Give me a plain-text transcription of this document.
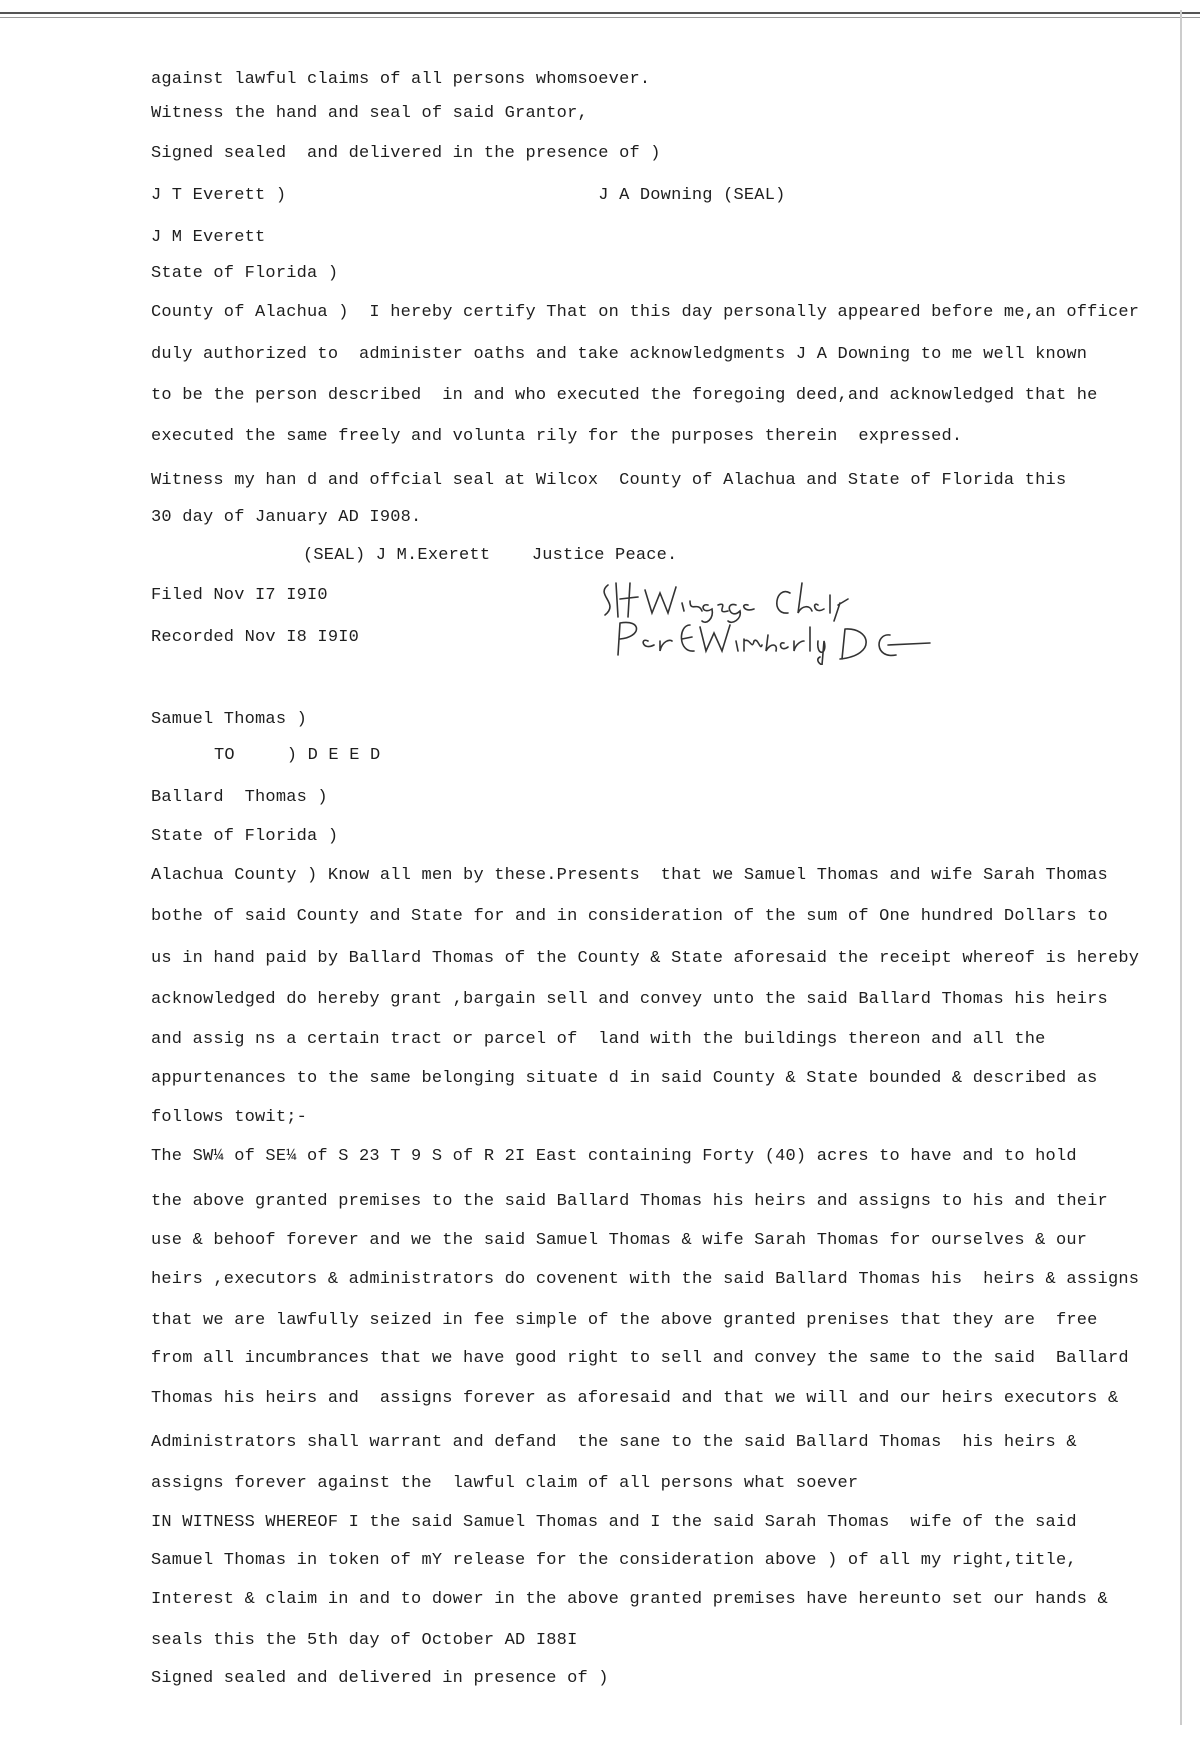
against lawful claims of all persons whomsoever.
Witness the hand and seal of said Grantor,
Signed sealed  and delivered in the presence of )
J T Everett )                              J A Downing (SEAL)
J M Everett
State of Florida )
County of Alachua )  I hereby certify That on this day personally appeared before me,an officer
duly authorized to  administer oaths and take acknowledgments J A Downing to me well known
to be the person described  in and who executed the foregoing deed,and acknowledged that he
executed the same freely and volunta rily for the purposes therein  expressed.
Witness my han d and offcial seal at Wilcox  County of Alachua and State of Florida this
30 day of January AD I908.
(SEAL) J M.Exerett    Justice Peace.
Filed Nov I7 I9I0
Recorded Nov I8 I9I0
Samuel Thomas )
TO     ) D E E D
Ballard  Thomas )
State of Florida )
Alachua County ) Know all men by these.Presents  that we Samuel Thomas and wife Sarah Thomas
bothe of said County and State for and in consideration of the sum of One hundred Dollars to
us in hand paid by Ballard Thomas of the County & State aforesaid the receipt whereof is hereby
acknowledged do hereby grant ,bargain sell and convey unto the said Ballard Thomas his heirs
and assig ns a certain tract or parcel of  land with the buildings thereon and all the
appurtenances to the same belonging situate d in said County & State bounded & described as
follows towit;-
The SW¼ of SE¼ of S 23 T 9 S of R 2I East containing Forty (40) acres to have and to hold
the above granted premises to the said Ballard Thomas his heirs and assigns to his and their
use & behoof forever and we the said Samuel Thomas & wife Sarah Thomas for ourselves & our
heirs ,executors & administrators do covenent with the said Ballard Thomas his  heirs & assigns
that we are lawfully seized in fee simple of the above granted prenises that they are  free
from all incumbrances that we have good right to sell and convey the same to the said  Ballard
Thomas his heirs and  assigns forever as aforesaid and that we will and our heirs executors &
Administrators shall warrant and defand  the sane to the said Ballard Thomas  his heirs &
assigns forever against the  lawful claim of all persons what soever
IN WITNESS WHEREOF I the said Samuel Thomas and I the said Sarah Thomas  wife of the said
Samuel Thomas in token of mY release for the consideration above ) of all my right,title,
Interest & claim in and to dower in the above granted premises have hereunto set our hands &
seals this the 5th day of October AD I88I
Signed sealed and delivered in presence of )
